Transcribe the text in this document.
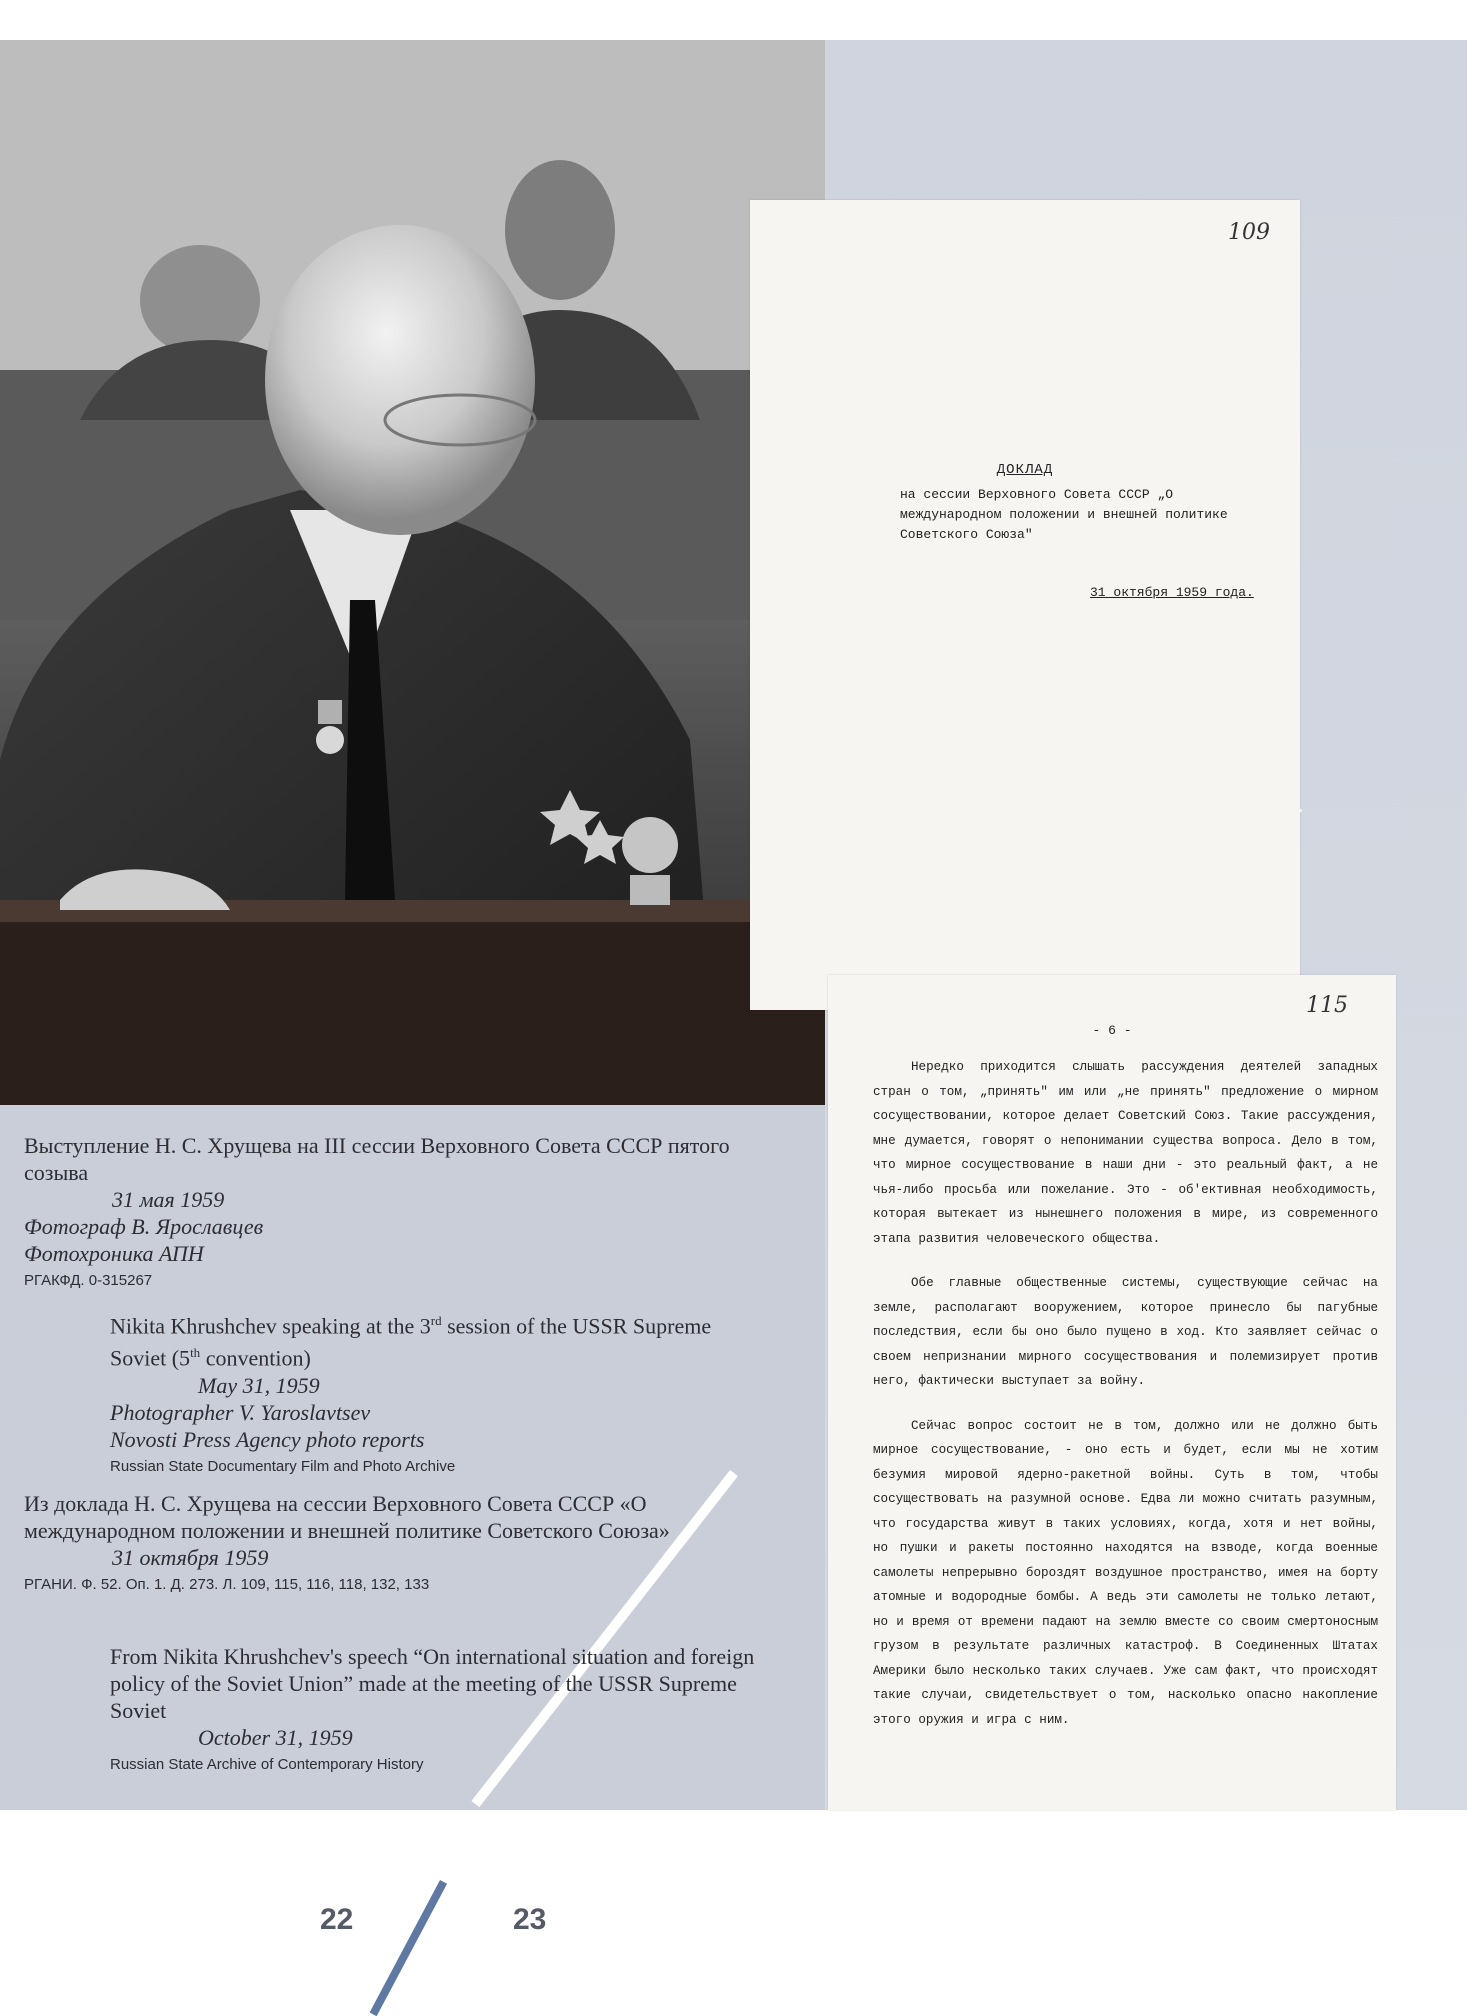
109
ДОКЛАД
на сессии Верховного Совета СССР „О международном положении и внешней политике Советского Союза"
31 октября 1959 года.
115
- 6 -

Нередко приходится слышать рассуждения деятелей западных стран о том, „принять" им или „не принять" предложение о мирном сосуществовании, которое делает Советский Союз. Такие рассуждения, мне думается, говорят о непонимании существа вопроса. Дело в том, что мирное сосуществование в наши дни - это реальный факт, а не чья-либо просьба или пожелание. Это - об'ективная необходимость, которая вытекает из нынешнего положения в мире, из современного этапа развития человеческого общества.

Обе главные общественные системы, существующие сейчас на земле, располагают вооружением, которое принесло бы пагубные последствия, если бы оно было пущено в ход. Кто заявляет сейчас о своем непризнании мирного сосуществования и полемизирует против него, фактически выступает за войну.

Сейчас вопрос состоит не в том, должно или не должно быть мирное сосуществование, - оно есть и будет, если мы не хотим безумия мировой ядерно-ракетной войны. Суть в том, чтобы сосуществовать на разумной основе. Едва ли можно считать разумным, что государства живут в таких условиях, когда, хотя и нет войны, но пушки и ракеты постоянно находятся на взводе, когда военные самолеты непрерывно бороздят воздушное пространство, имея на борту атомные и водородные бомбы. А ведь эти самолеты не только летают, но и время от времени падают на землю вместе со своим смертоносным грузом в результате различных катастроф. В Соединенных Штатах Америки было несколько таких случаев. Уже сам факт, что происходят такие случаи, свидетельствует о том, насколько опасно накопление этого оружия и игра с ним.

Выступление Н. С. Хрущева на III сессии Верховного Совета СССР пятого созыва
31 мая 1959
Фотограф В. Ярославцев
Фотохроника АПН
РГАКФД. 0-315267
Nikita Khrushchev speaking at the 3rd session of the USSR Supreme Soviet (5th convention)
May 31, 1959
Photographer V. Yaroslavtsev
Novosti Press Agency photo reports
Russian State Documentary Film and Photo Archive
Из доклада Н. С. Хрущева на сессии Верховного Совета СССР «О международном положении и внешней политике Советского Союза»
31 октября 1959
РГАНИ. Ф. 52. Оп. 1. Д. 273. Л. 109, 115, 116, 118, 132, 133
From Nikita Khrushchev's speech “On international situation and foreign policy of the Soviet Union” made at the meeting of the USSR Supreme Soviet
October 31, 1959
Russian State Archive of Contemporary History
22	23
